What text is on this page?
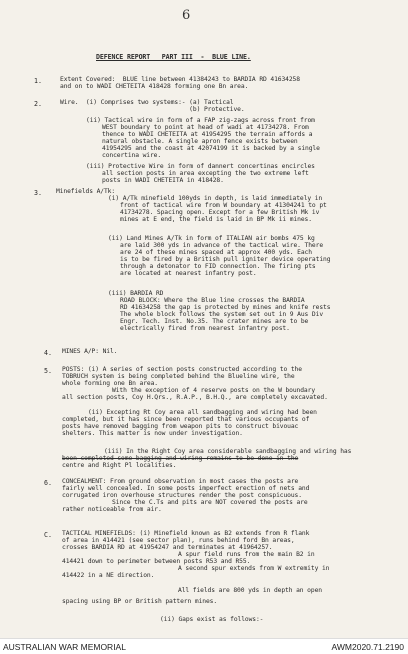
6
DEFENCE REPORT   PART III  -  BLUE LINE.
1.	Extent Covered:  BLUE line between 41384243 to BARDIA RD 41634258
and on to WADI CHETEITA 418428 forming one Bn area.
2.	Wire.  (i) Comprises two systems:- (a) Tactical
(b) Protective.
(ii) Tactical wire in form of a FAP zig-zags across front from
WEST boundary to point at head of wadi at 41734278. From
thence to WADI CHETEITA at 41954295 the terrain affords a
natural obstacle. A single apron fence exists between
41954295 and the coast at 42074199 it is backed by a single
concertina wire.
(iii) Protective Wire in form of dannert concertinas encircles
all section posts in area excepting the two extreme left
posts in WADI CHETEITA in 418428.
3. Minefields A/Tk:
(i) A/Tk minefield 100yds in depth, is laid immediately in
front of tactical wire from W boundary at 41304241 to pt
41734278. Spacing open. Except for a few British Mk iv
mines at E end, the field is laid in BP Mk ii mines.
(ii) Land Mines A/Tk in form of ITALIAN air bombs 475 kg
are laid 300 yds in advance of the tactical wire. There
are 24 of these mines spaced at approx 400 yds. Each
is to be fired by a British pull igniter device operating
through a detonator to FID connection. The firing pts
are located at nearest infantry post.
(iii) BARDIA RD
ROAD BLOCK: Where the Blue line crosses the BARDIA
RD 41634258 the gap is protected by mines and knife rests
The whole block follows the system set out in 9 Aus Div
Engr. Tech. Inst. No.35. The crater mines are to be
electrically fired from nearest infantry post.
4. MINES A/P: Nil.
5. POSTS: (i) A series of section posts constructed according to the
TOBRUCH system is being completed behind the Blueline wire, the
whole forming one Bn area.
With the exception of 4 reserve posts on the W boundary
all section posts, Coy H.Qrs., R.A.P., B.H.Q., are completely excavated.
(ii) Excepting Rt Coy area all sandbagging and wiring had been
completed, but it has since been reported that various occupants of
posts have removed bagging from weapon pits to construct bivouac
shelters. This matter is now under investigation.
(iii) In the Right Coy area considerable sandbagging and wiring has
been completed some bagging and wiring remains to be done in the
centre and Right Pl localities.
6. CONCEALMENT: From ground observation in most cases the posts are
fairly well concealed. In some posts imperfect erection of nets and
corrugated iron overhouse structures render the post conspicuous.
Since the C.Ts and pits are NOT covered the posts are
rather noticeable from air.
C. TACTICAL MINEFIELDS: (i) Minefield known as B2 extends from R flank
of area in 414421 (see sector plan), runs behind ford Bn areas,
crosses BARDIA RD at 41954247 and terminates at 41964257.
A spur field runs from the main B2 in
414421 down to perimeter between posts R53 and R55.
A second spur extends from W extremity in
414422 in a NE direction.
All fields are 800 yds in depth an open
spacing using BP or British pattern mines.
(ii) Gaps exist as follows:-
AUSTRALIAN WAR MEMORIAL	AWM2020.71.2190
